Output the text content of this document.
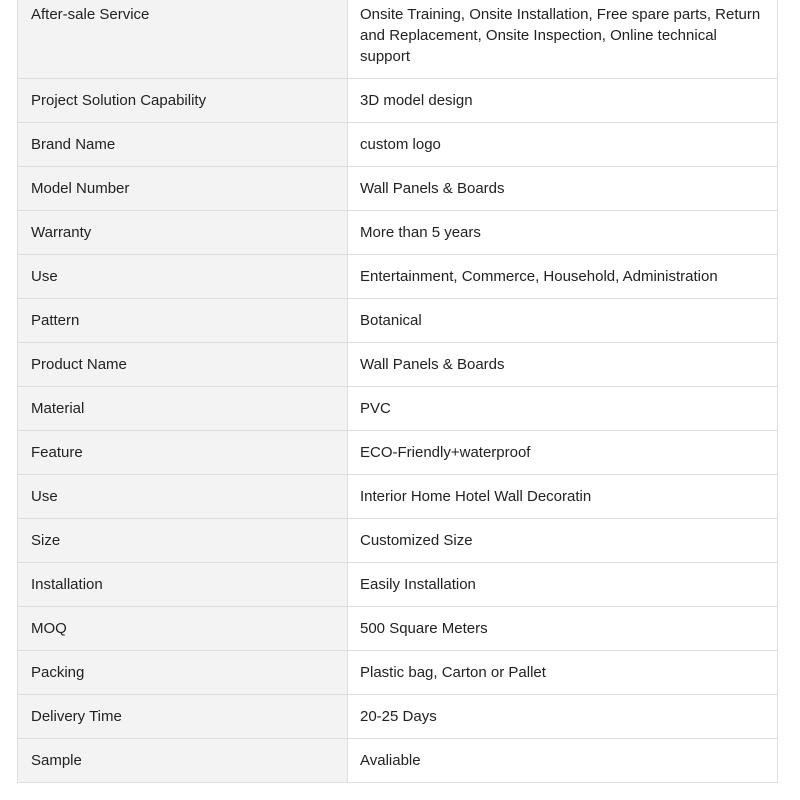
After-sale Service	Onsite Training, Onsite Installation, Free spare parts, Return and Replacement, Onsite Inspection, Online technical support
Project Solution Capability	3D model design
Brand Name	custom logo
Model Number	Wall Panels & Boards
Warranty	More than 5 years
Use	Entertainment, Commerce, Household, Administration
Pattern	Botanical
Product Name	Wall Panels & Boards
Material	PVC
Feature	ECO-Friendly+waterproof
Use	Interior Home Hotel Wall Decoratin
Size	Customized Size
Installation	Easily Installation
MOQ	500 Square Meters
Packing	Plastic bag, Carton or Pallet
Delivery Time	20-25 Days
Sample	Avaliable
